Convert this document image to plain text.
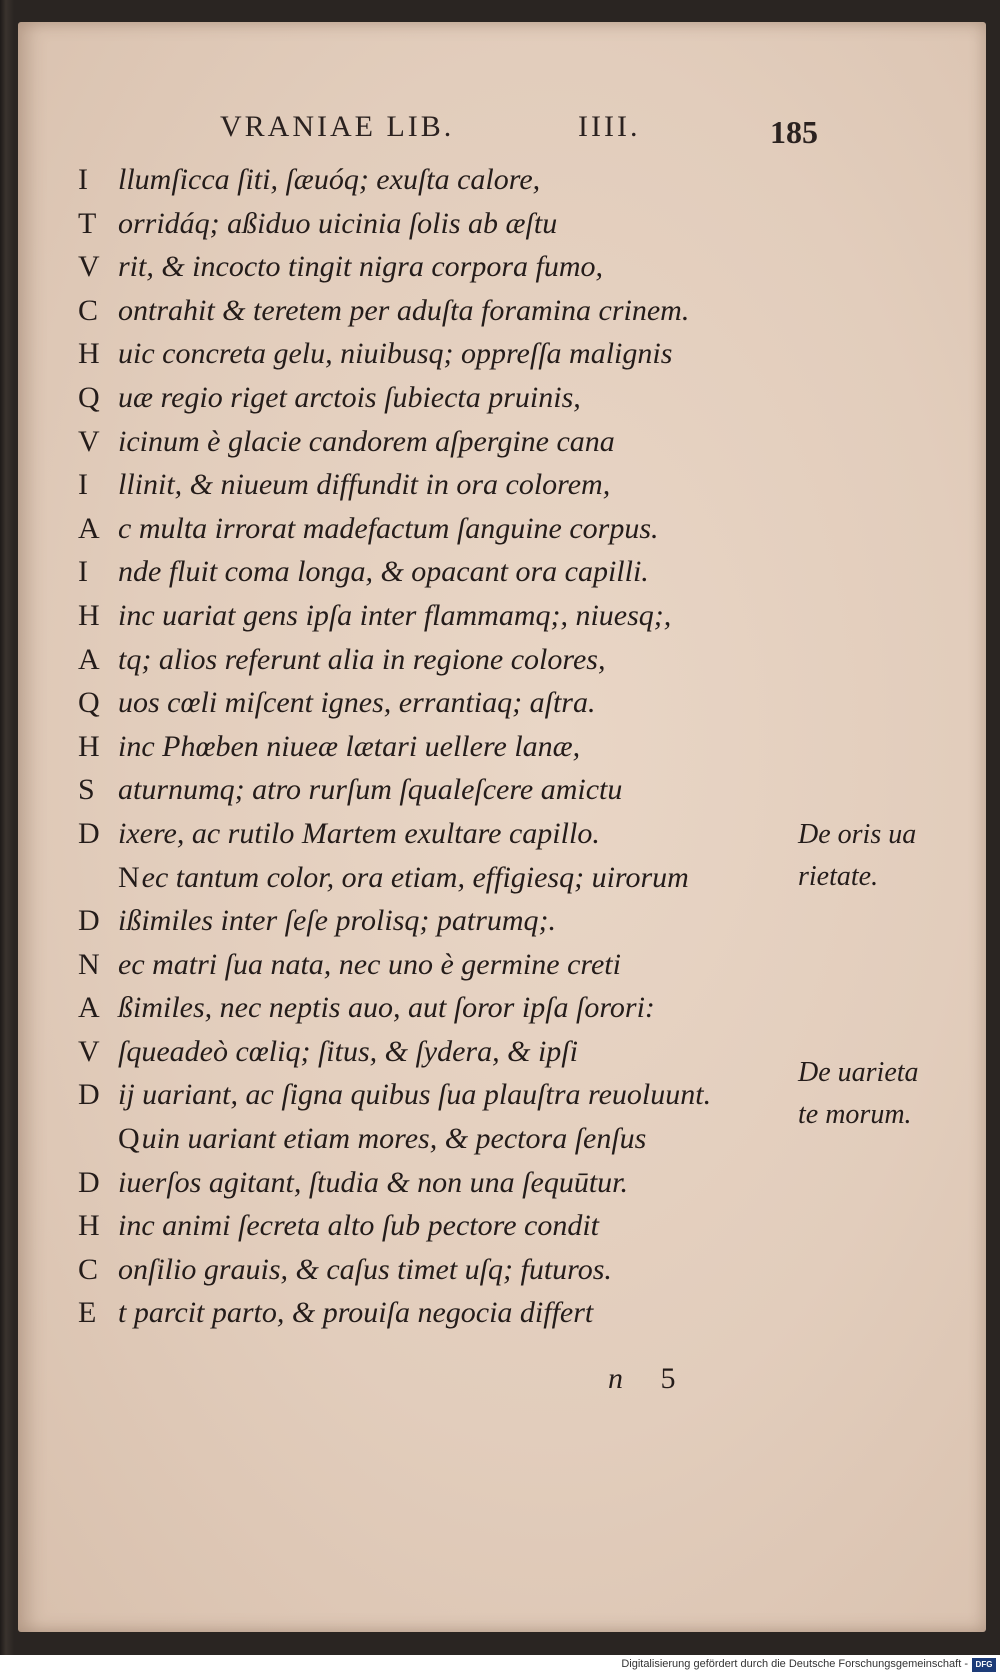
VRANIAE LIB.	IIII.	185
I llumſicca ſiti, ſæuóq; exuſta calore,
T orridáq; aßiduo uicinia ſolis ab æſtu
V rit, & incocto tingit nigra corpora fumo,
C ontrahit & teretem per aduſta foramina crinem.
H uic concreta gelu, niuibusq; oppreſſa malignis
Q uæ regio riget arctois ſubiecta pruinis,
V icinum è glacie candorem aſpergine cana
I llinit, & niueum diffundit in ora colorem,
A c multa irrorat madefactum ſanguine corpus.
I nde fluit coma longa, & opacant ora capilli.
H inc uariat gens ipſa inter flammamq;, niuesq;,
A tq; alios referunt alia in regione colores,
Q uos cœli miſcent ignes, errantiaq; aſtra.
H inc Phœben niueæ lætari uellere lanæ,
S aturnumq; atro rurſum ſqualeſcere amictu
D ixere, ac rutilo Martem exultare capillo.
Nec tantum color, ora etiam, effigiesq; uirorum
D ißimiles inter ſeſe prolisq; patrumq;.
N ec matri ſua nata, nec uno è germine creti
A ßimiles, nec neptis auo, aut ſoror ipſa ſorori:
V ſqueadeò cœliq; ſitus, & ſydera, & ipſi
D ij uariant, ac ſigna quibus ſua plauſtra reuoluunt.
Quin uariant etiam mores, & pectora ſenſus
D iuerſos agitant, ſtudia & non una ſequūtur.
H inc animi ſecreta alto ſub pectore condit
C onſilio grauis, & caſus timet uſq; futuros.
E t parcit parto, & prouiſa negocia differt
De oris ua
rietate.
De uarieta
te morum.
n 5
Digitalisierung gefördert durch die Deutsche Forschungsgemeinschaft - DFG
